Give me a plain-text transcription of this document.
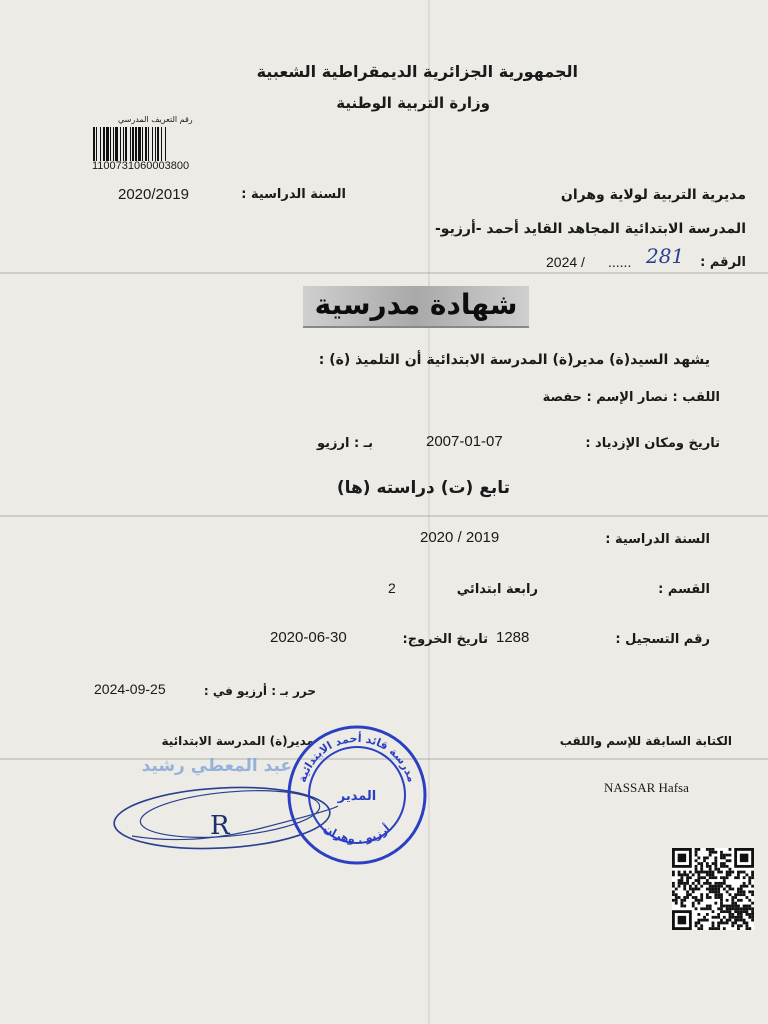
الجمهورية الجزائرية الديمقراطية الشعبية
وزارة التربية الوطنية
رقم التعريف المدرسي
1100731060003800
مديرية التربية لولاية وهران
المدرسة الابتدائية المجاهد القايد أحمد -أرزيو-
السنة الدراسية :
2020/2019
الرقم :
...... 281
2024 /
شهادة مدرسية
يشهد السيد(ة) مدير(ة) المدرسة الابتدائية أن التلميذ (ة) :
اللقب : نصار الإسم : حفصة
تاريخ ومكان الإزدياد :
2007-01-07
بـ : ارزيو
تابع (ت) دراسته (ها)
السنة الدراسية :
2020 / 2019
القسم :
رابعة ابتدائي
2
رقم التسجيل :
1288
تاريخ الخروج:
2020-06-30
حرر بـ : أرزيو في :
2024-09-25
مدير(ة) المدرسة الابتدائية	الكتابة السابقة للإسم واللقب
NASSAR Hafsa
عبد المعطي رشيد
R
مدرسة قائد أحمد الابتدائية
أرزيو . وهران
المدير
